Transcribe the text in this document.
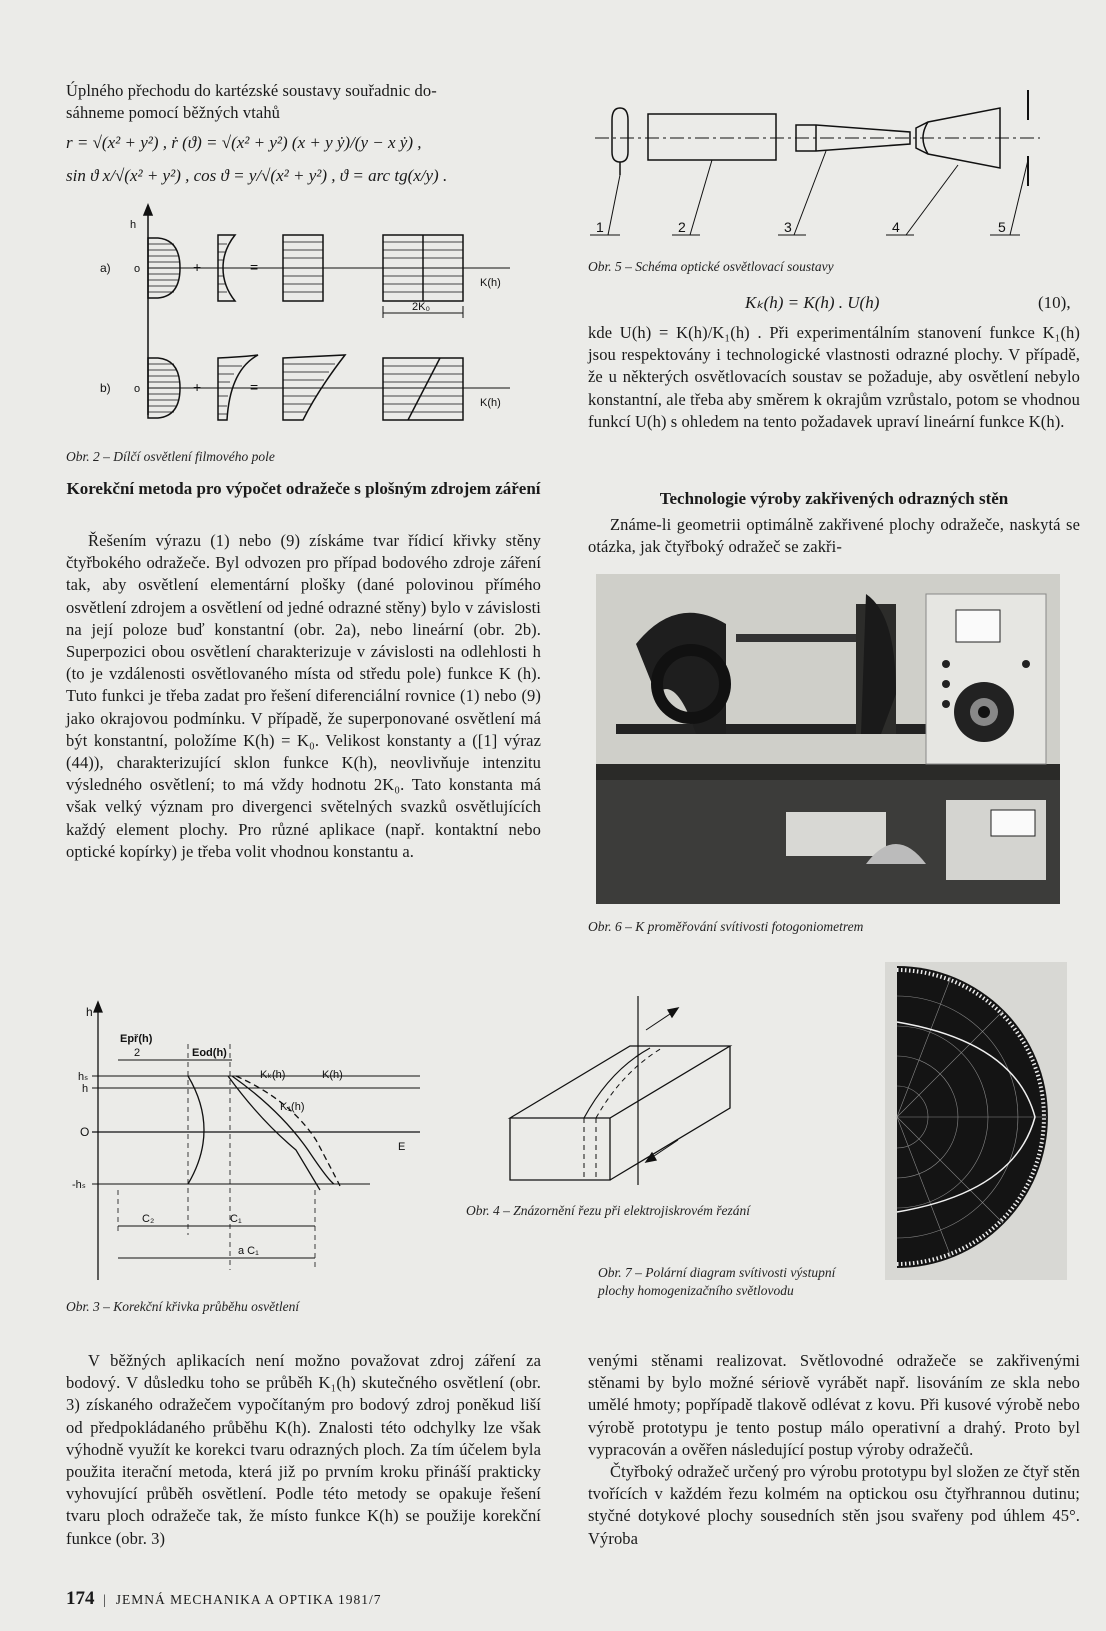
Úplného přechodu do kartézské soustavy souřadnic do-
sáhneme pomocí běžných vtahů
r = √(x² + y²) , ṙ (ϑ) = √(x² + y²) (x + y ẏ)/(y − x ẏ) ,
sin ϑ x/√(x² + y²) , cos ϑ = y/√(x² + y²) , ϑ = arc tg(x/y) .
h
a)
b)
o
o
+
+
=
=
K(h)
K(h)
2K₀
Obr. 2 – Dílčí osvětlení filmového pole
Korekční metoda pro výpočet odražeče s plošným zdrojem záření
Řešením výrazu (1) nebo (9) získáme tvar řídicí křivky stěny čtyřbokého odražeče. Byl odvozen pro případ bodového zdroje záření tak, aby osvětlení elementární plošky (dané polovinou přímého osvětlení zdrojem a osvětlení od jedné odrazné stěny) bylo v závislosti na její poloze buď konstantní (obr. 2a), nebo lineární (obr. 2b). Superpozici obou osvětlení charakterizuje v závislosti na odlehlosti h (to je vzdálenosti osvětlovaného místa od středu pole) funkce K (h). Tuto funkci je třeba zadat pro řešení diferenciální rovnice (1) nebo (9) jako okrajovou podmínku. V případě, že superponované osvětlení má být konstantní, položíme K(h) = K₀. Velikost konstanty a ([1] výraz (44)), charakterizující sklon funkce K(h), neovlivňuje intenzitu výsledného osvětlení; to má vždy hodnotu 2K₀. Tato konstanta má však velký význam pro divergenci světelných svazků osvětlujících každý element plochy. Pro různé aplikace (např. kontaktní nebo optické kopírky) je třeba volit vhodnou konstantu a.
1	2	3	4	5
Obr. 5 – Schéma optické osvětlovací soustavy
Kₖ(h) = K(h) . U(h)	(10),
kde U(h) = K(h)/K₁(h) . Při experimentálním stanovení funkce K₁(h) jsou respektovány i technologické vlastnosti odrazné plochy. V případě, že u některých osvětlovacích soustav se požaduje, aby osvětlení nebylo konstantní, ale třeba aby směrem k okrajům vzrůstalo, potom se vhodnou funkcí U(h) s ohledem na tento požadavek upraví lineární funkce K(h).
Technologie výroby zakřivených odrazných stěn
Známe-li geometrii optimálně zakřivené plochy odražeče, naskytá se otázka, jak čtyřboký odražeč se zakři-
Obr. 6 – K proměřování svítivosti fotogoniometrem
h
Epř(h)
2	Eod(h)
hₛ
h
O
-hₛ
Kₖ(h)	K(h)
K₁(h)
E
C₂	C₁
a C₁
Obr. 3 – Korekční křivka průběhu osvětlení
Obr. 4 – Znázornění řezu při elektrojiskrovém řezání
Obr. 7 – Polární diagram svítivosti výstupní plochy homogenizačního světlovodu
V běžných aplikacích není možno považovat zdroj záření za bodový. V důsledku toho se průběh K₁(h) skutečného osvětlení (obr. 3) získaného odražečem vypočítaným pro bodový zdroj poněkud liší od předpokládaného průběhu K(h). Znalosti této odchylky lze však výhodně využít ke korekci tvaru odrazných ploch. Za tím účelem byla použita iterační metoda, která již po prvním kroku přináší prakticky vyhovující průběh osvětlení. Podle této metody se opakuje řešení tvaru ploch odražeče tak, že místo funkce K(h) se použije korekční funkce (obr. 3)
venými stěnami realizovat. Světlovodné odražeče se zakřivenými stěnami by bylo možné sériově vyrábět např. lisováním ze skla nebo umělé hmoty; popřípadě tlakově odlévat z kovu. Při kusové výrobě nebo výrobě prototypu je tento postup málo operativní a drahý. Proto byl vypracován a ověřen následující postup výroby odražečů.
Čtyřboký odražeč určený pro výrobu prototypu byl složen ze čtyř stěn tvořících v každém řezu kolmém na optickou osu čtyřhrannou dutinu; styčné dotykové plochy sousedních stěn jsou svařeny pod úhlem 45°. Výroba
174  |  JEMNÁ MECHANIKA A OPTIKA 1981/7
